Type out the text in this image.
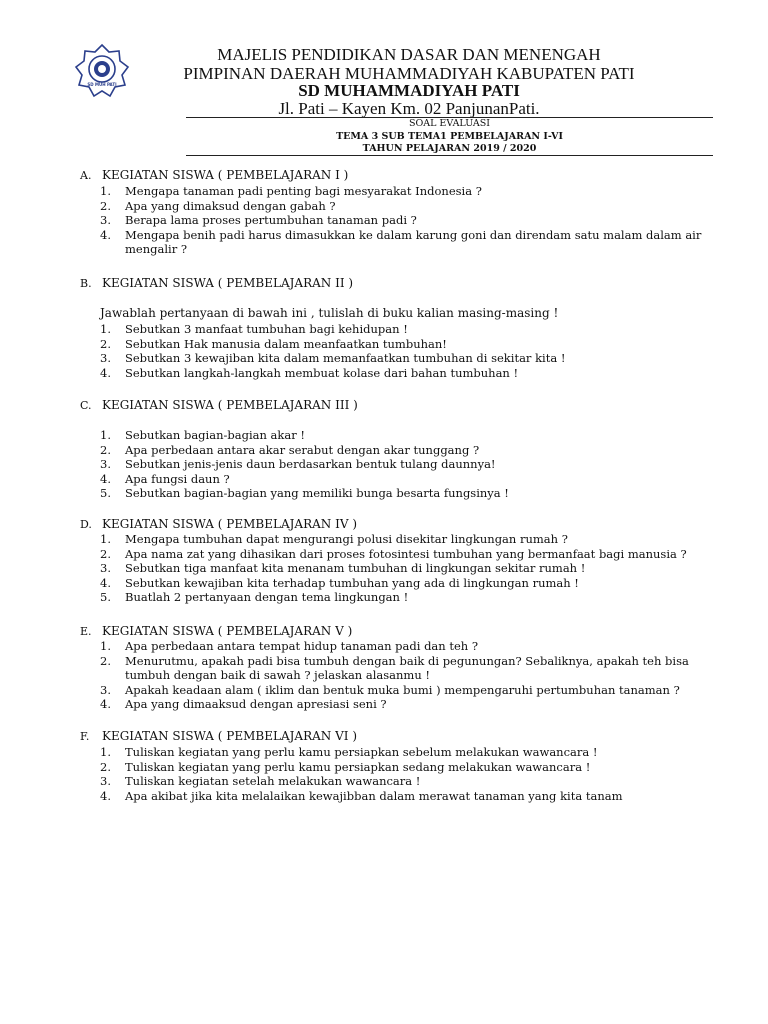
SD MUH PATI
MAJELIS PENDIDIKAN DASAR DAN MENENGAH
PIMPINAN DAERAH MUHAMMADIYAH KABUPATEN PATI
SD MUHAMMADIYAH PATI
Jl. Pati – Kayen Km. 02 PanjunanPati.
SOAL EVALUASI
TEMA 3 SUB TEMA1 PEMBELAJARAN I-VI
TAHUN PELAJARAN 2019 / 2020
A. KEGIATAN SISWA ( PEMBELAJARAN I )
1.	Mengapa tanaman padi penting bagi mesyarakat Indonesia ?
2.	Apa yang dimaksud dengan gabah ?
3.	Berapa lama proses pertumbuhan tanaman padi ?
4.	Mengapa benih padi harus dimasukkan ke dalam karung goni dan direndam satu malam dalam air mengalir ?
B. KEGIATAN SISWA ( PEMBELAJARAN II )
Jawablah pertanyaan di bawah ini , tulislah di buku kalian masing-masing !
1.	Sebutkan 3 manfaat tumbuhan bagi kehidupan !
2.	Sebutkan Hak manusia dalam meanfaatkan tumbuhan!
3.	Sebutkan 3 kewajiban kita dalam memanfaatkan tumbuhan di sekitar kita !
4.	Sebutkan langkah-langkah membuat kolase dari bahan tumbuhan !
C. KEGIATAN SISWA ( PEMBELAJARAN III )
1.	Sebutkan bagian-bagian akar !
2.	Apa perbedaan antara akar serabut dengan akar tunggang ?
3.	Sebutkan jenis-jenis daun berdasarkan bentuk tulang daunnya!
4.	Apa fungsi daun ?
5.	Sebutkan bagian-bagian yang memiliki bunga besarta fungsinya !
D. KEGIATAN SISWA ( PEMBELAJARAN IV )
1.	Mengapa tumbuhan dapat mengurangi polusi disekitar lingkungan rumah ?
2.	Apa nama zat yang dihasikan dari proses fotosintesi tumbuhan yang bermanfaat bagi manusia ?
3.	Sebutkan tiga manfaat kita menanam tumbuhan di lingkungan sekitar rumah !
4.	Sebutkan kewajiban kita terhadap tumbuhan yang ada di lingkungan rumah !
5.	Buatlah 2 pertanyaan dengan tema lingkungan !
E. KEGIATAN SISWA ( PEMBELAJARAN V )
1.	Apa perbedaan antara tempat hidup tanaman padi dan teh ?
2.	Menurutmu, apakah padi bisa tumbuh dengan baik di pegunungan? Sebaliknya, apakah teh bisa tumbuh dengan baik di sawah ? jelaskan alasanmu !
3.	Apakah keadaan alam ( iklim dan bentuk muka bumi ) mempengaruhi pertumbuhan tanaman ?
4.	Apa yang dimaaksud dengan apresiasi seni ?
F. KEGIATAN SISWA ( PEMBELAJARAN VI )
1.	Tuliskan kegiatan yang perlu kamu persiapkan sebelum melakukan wawancara !
2.	Tuliskan kegiatan yang perlu kamu persiapkan sedang melakukan wawancara !
3.	Tuliskan kegiatan setelah melakukan wawancara !
4.	Apa akibat jika kita melalaikan kewajibban dalam merawat tanaman yang kita tanam
